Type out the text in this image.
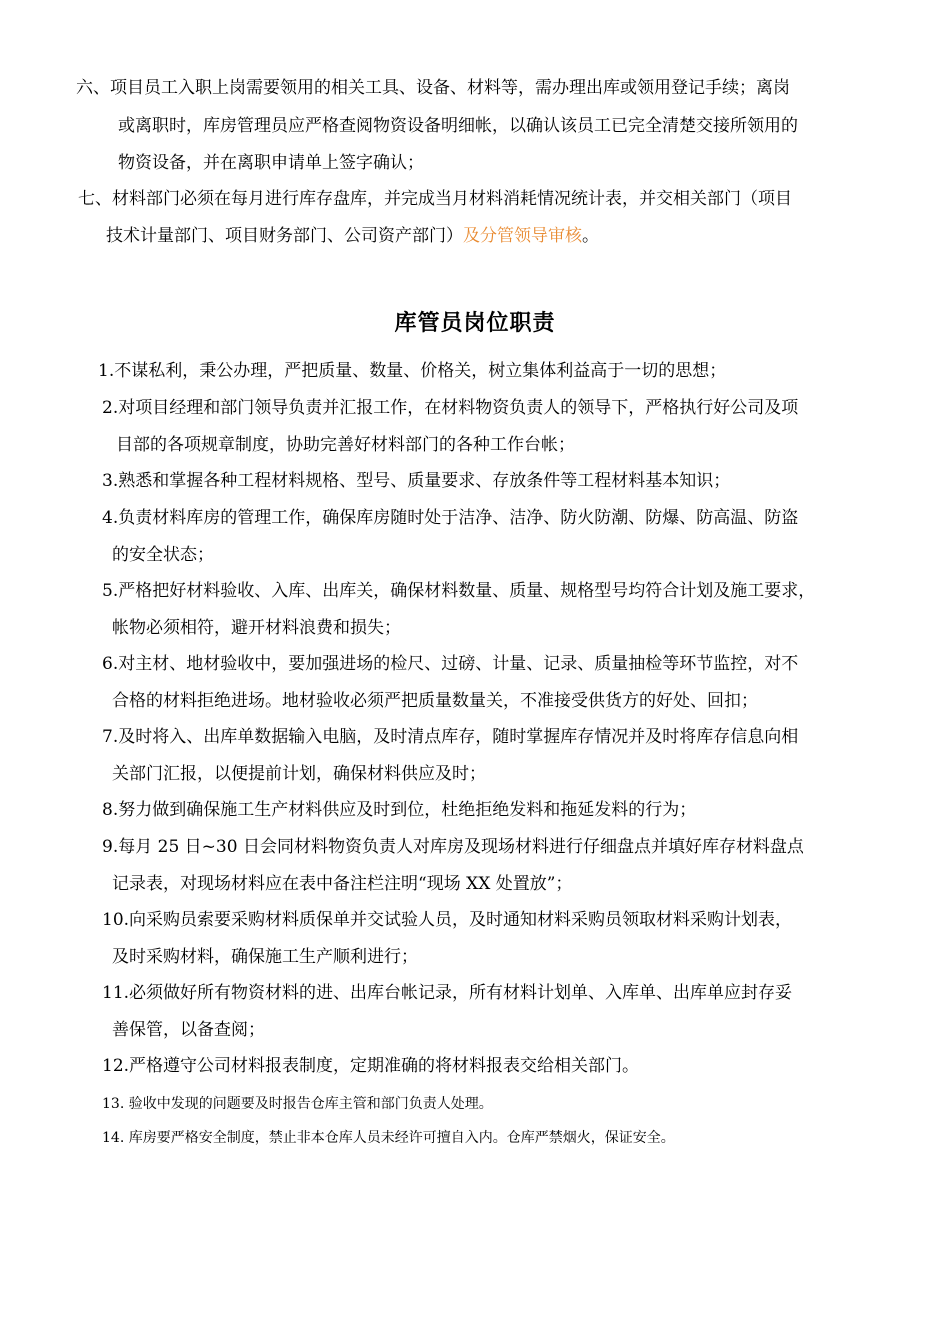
六、项目员工入职上岗需要领用的相关工具、设备、材料等，需办理出库或领用登记手续；离岗
或离职时，库房管理员应严格查阅物资设备明细帐，以确认该员工已完全清楚交接所领用的
物资设备，并在离职申请单上签字确认；
七、材料部门必须在每月进行库存盘库，并完成当月材料消耗情况统计表，并交相关部门（项目
技术计量部门、项目财务部门、公司资产部门）及分管领导审核。
库管员岗位职责
1.不谋私利，秉公办理，严把质量、数量、价格关，树立集体利益高于一切的思想；
2.对项目经理和部门领导负责并汇报工作，在材料物资负责人的领导下，严格执行好公司及项
目部的各项规章制度，协助完善好材料部门的各种工作台帐；
3.熟悉和掌握各种工程材料规格、型号、质量要求、存放条件等工程材料基本知识；
4.负责材料库房的管理工作，确保库房随时处于洁净、洁净、防火防潮、防爆、防高温、防盗
的安全状态；
5.严格把好材料验收、入库、出库关，确保材料数量、质量、规格型号均符合计划及施工要求，
帐物必须相符，避开材料浪费和损失；
6.对主材、地材验收中，要加强进场的检尺、过磅、计量、记录、质量抽检等环节监控，对不
合格的材料拒绝进场。地材验收必须严把质量数量关，不准接受供货方的好处、回扣；
7.及时将入、出库单数据输入电脑，及时清点库存，随时掌握库存情况并及时将库存信息向相
关部门汇报，以便提前计划，确保材料供应及时；
8.努力做到确保施工生产材料供应及时到位，杜绝拒绝发料和拖延发料的行为；
9.每月 25 日~30 日会同材料物资负责人对库房及现场材料进行仔细盘点并填好库存材料盘点
记录表，对现场材料应在表中备注栏注明“现场 XX 处置放”；
10.向采购员索要采购材料质保单并交试验人员，及时通知材料采购员领取材料采购计划表，
及时采购材料，确保施工生产顺利进行；
11.必须做好所有物资材料的进、出库台帐记录，所有材料计划单、入库单、出库单应封存妥
善保管，以备查阅；
12.严格遵守公司材料报表制度，定期准确的将材料报表交给相关部门。
13. 验收中发现的问题要及时报告仓库主管和部门负责人处理。
14. 库房要严格安全制度，禁止非本仓库人员未经许可擅自入内。仓库严禁烟火，保证安全。
